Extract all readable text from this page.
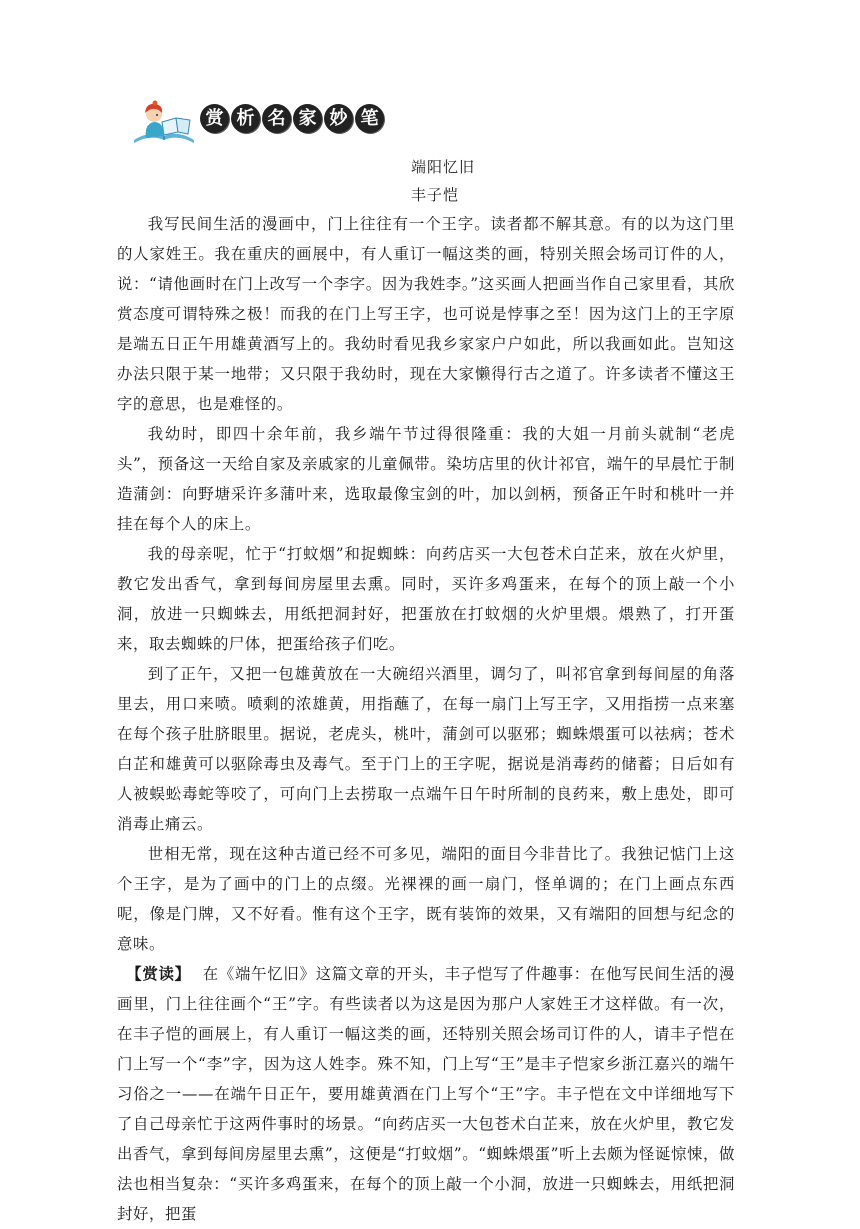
赏 析 名 家 妙 笔
端阳忆旧
丰子恺

我写民间生活的漫画中，门上往往有一个王字。读者都不解其意。有的以为这门里的人家姓王。我在重庆的画展中，有人重订一幅这类的画，特别关照会场司订件的人，说：“请他画时在门上改写一个李字。因为我姓李。”这买画人把画当作自己家里看，其欣赏态度可谓特殊之极！而我的在门上写王字，也可说是悖事之至！因为这门上的王字原是端五日正午用雄黄酒写上的。我幼时看见我乡家家户户如此，所以我画如此。岂知这办法只限于某一地带；又只限于我幼时，现在大家懒得行古之道了。许多读者不懂这王字的意思，也是难怪的。

我幼时，即四十余年前，我乡端午节过得很隆重：我的大姐一月前头就制“老虎头”，预备这一天给自家及亲戚家的儿童佩带。染坊店里的伙计祁官，端午的早晨忙于制造蒲剑：向野塘采许多蒲叶来，选取最像宝剑的叶，加以剑柄，预备正午时和桃叶一并挂在每个人的床上。

我的母亲呢，忙于“打蚊烟”和捉蜘蛛：向药店买一大包苍术白芷来，放在火炉里，教它发出香气，拿到每间房屋里去熏。同时，买许多鸡蛋来，在每个的顶上敲一个小洞，放进一只蜘蛛去，用纸把洞封好，把蛋放在打蚊烟的火炉里煨。煨熟了，打开蛋来，取去蜘蛛的尸体，把蛋给孩子们吃。

到了正午，又把一包雄黄放在一大碗绍兴酒里，调匀了，叫祁官拿到每间屋的角落里去，用口来喷。喷剩的浓雄黄，用指蘸了，在每一扇门上写王字，又用指捞一点来塞在每个孩子肚脐眼里。据说，老虎头，桃叶，蒲剑可以驱邪；蜘蛛煨蛋可以祛病；苍术白芷和雄黄可以驱除毒虫及毒气。至于门上的王字呢，据说是消毒药的储蓄；日后如有人被蜈蚣毒蛇等咬了，可向门上去捞取一点端午日午时所制的良药来，敷上患处，即可消毒止痛云。

世相无常，现在这种古道已经不可多见，端阳的面目今非昔比了。我独记惦门上这个王字，是为了画中的门上的点缀。光裸裸的画一扇门，怪单调的；在门上画点东西呢，像是门牌，又不好看。惟有这个王字，既有装饰的效果，又有端阳的回想与纪念的意味。

【赏读】 在《端午忆旧》这篇文章的开头，丰子恺写了件趣事：在他写民间生活的漫画里，门上往往画个“王”字。有些读者以为这是因为那户人家姓王才这样做。有一次，在丰子恺的画展上，有人重订一幅这类的画，还特别关照会场司订件的人，请丰子恺在门上写一个“李”字，因为这人姓李。殊不知，门上写“王”是丰子恺家乡浙江嘉兴的端午习俗之一——在端午日正午，要用雄黄酒在门上写个“王”字。丰子恺在文中详细地写下了自己母亲忙于这两件事时的场景。“向药店买一大包苍术白芷来，放在火炉里，教它发出香气，拿到每间房屋里去熏”，这便是“打蚊烟”。“蜘蛛煨蛋”听上去颇为怪诞惊悚，做法也相当复杂：“买许多鸡蛋来，在每个的顶上敲一个小洞，放进一只蜘蛛去，用纸把洞封好，把蛋
